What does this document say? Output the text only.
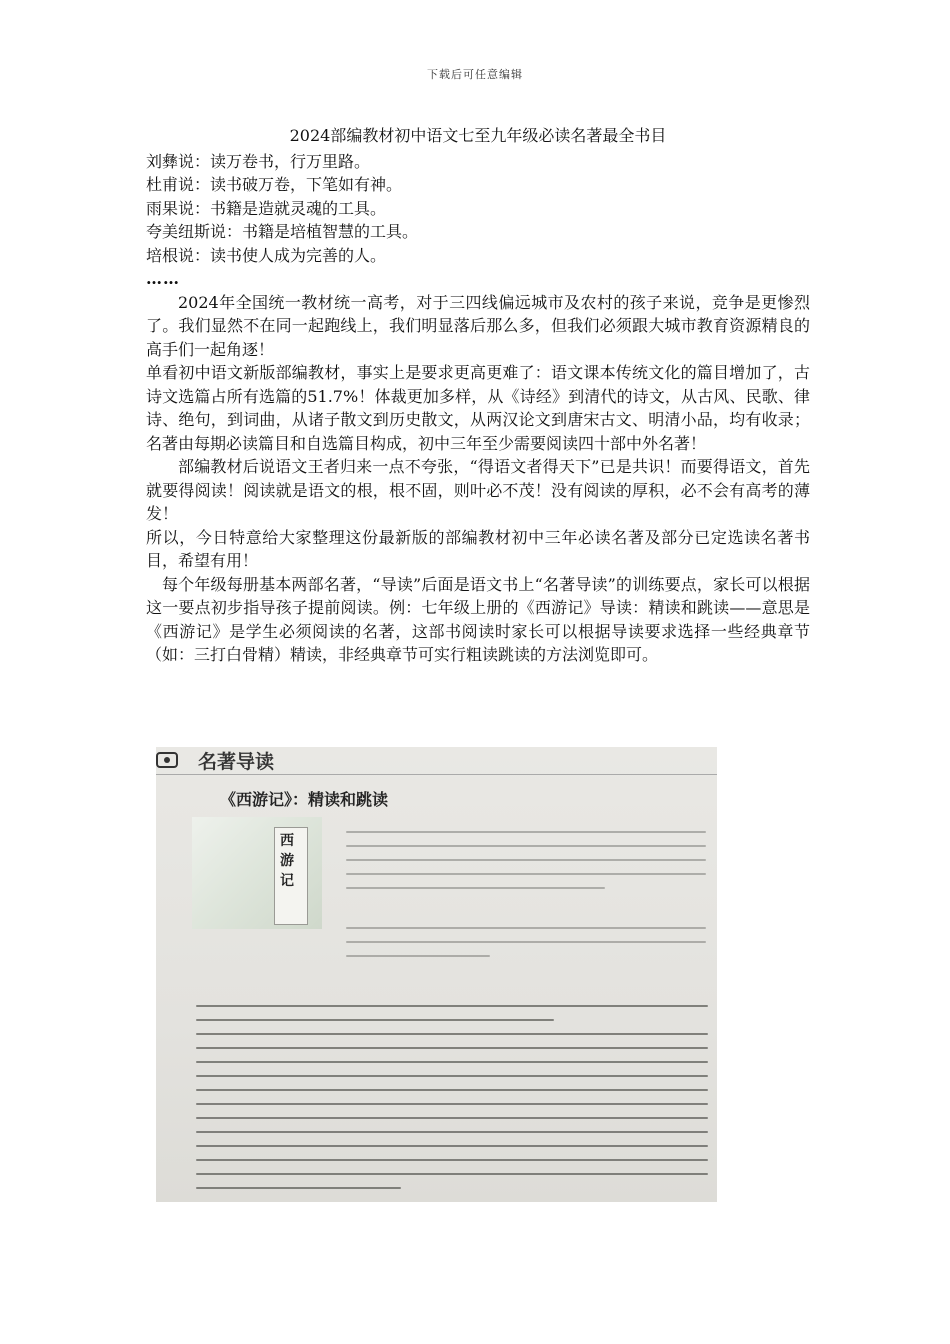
下载后可任意编辑

2024部编教材初中语文七至九年级必读名著最全书目

刘彝说：读万卷书，行万里路。

杜甫说：读书破万卷，下笔如有神。

雨果说：书籍是造就灵魂的工具。

夸美纽斯说：书籍是培植智慧的工具。

培根说：读书使人成为完善的人。

……

2024年全国统一教材统一高考，对于三四线偏远城市及农村的孩子来说，竞争是更惨烈了。我们显然不在同一起跑线上，我们明显落后那么多，但我们必须跟大城市教育资源精良的高手们一起角逐！

单看初中语文新版部编教材，事实上是要求更高更难了：语文课本传统文化的篇目增加了，古诗文选篇占所有选篇的51.7%！体裁更加多样，从《诗经》到清代的诗文，从古风、民歌、律诗、绝句，到词曲，从诸子散文到历史散文，从两汉论文到唐宋古文、明清小品，均有收录；名著由每期必读篇目和自选篇目构成，初中三年至少需要阅读四十部中外名著！

部编教材后说语文王者归来一点不夸张，“得语文者得天下”已是共识！而要得语文，首先就要得阅读！阅读就是语文的根，根不固，则叶必不茂！没有阅读的厚积，必不会有高考的薄发！

所以，今日特意给大家整理这份最新版的部编教材初中三年必读名著及部分已定选读名著书目，希望有用！

每个年级每册基本两部名著，“导读”后面是语文书上“名著导读”的训练要点，家长可以根据这一要点初步指导孩子提前阅读。例：七年级上册的《西游记》导读：精读和跳读——意思是《西游记》是学生必须阅读的名著，这部书阅读时家长可以根据导读要求选择一些经典章节（如：三打白骨精）精读，非经典章节可实行粗读跳读的方法浏览即可。

名著导读
《西游记》：精读和跳读
西游记
